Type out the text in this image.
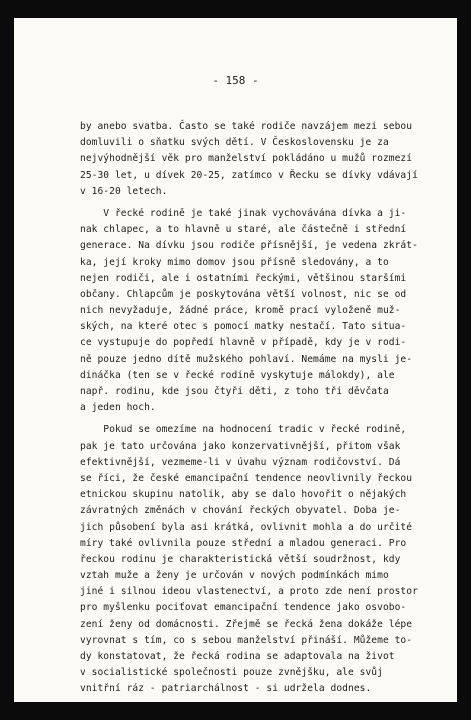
- 158 -
by anebo svatba. Často se také rodiče navzájem mezi sebou
domluvili o sňatku svých dětí. V Československu je za
nejvýhodnější věk pro manželství pokládáno u mužů rozmezí
25-30 let, u dívek 20-25, zatímco v Řecku se dívky vdávají
v 16-20 letech.
V řecké rodině je také jinak vychovávána dívka a ji-
nak chlapec, a to hlavně u staré, ale částečně i střední
generace. Na dívku jsou rodiče přísnější, je vedena zkrát-
ka, její kroky mimo domov jsou přísně sledovány, a to
nejen rodiči, ale i ostatními řeckými, většinou staršími
občany. Chlapcům je poskytována větší volnost, nic se od
nich nevyžaduje, žádné práce, kromě prací vyloženě muž-
ských, na které otec s pomocí matky nestačí. Tato situa-
ce vystupuje do popředí hlavně v případě, kdy je v rodi-
ně pouze jedno dítě mužského pohlaví. Nemáme na mysli je-
dináčka (ten se v řecké rodině vyskytuje málokdy), ale
např. rodinu, kde jsou čtyři děti, z toho tři děvčata
a jeden hoch.
Pokud se omezíme na hodnocení tradic v řecké rodině,
pak je tato určována jako konzervativnější, přitom však
efektivnější, vezmeme-li v úvahu význam rodičovství. Dá
se říci, že české emancipační tendence neovlivnily řeckou
etnickou skupinu natolik, aby se dalo hovořit o nějakých
závratných změnách v chování řeckých obyvatel. Doba je-
jich působení byla asi krátká, ovlivnit mohla a do určité
míry také ovlivnila pouze střední a mladou generaci. Pro
řeckou rodinu je charakteristická větší soudržnost, kdy
vztah muže a ženy je určován v nových podmínkách mimo
jiné i silnou ideou vlastenectví, a proto zde není prostor
pro myšlenku pociťovat emancipační tendence jako osvobo-
zení ženy od domácnosti. Zřejmě se řecká žena dokáže lépe
vyrovnat s tím, co s sebou manželství přináší. Můžeme to-
dy konstatovat, že řecká rodina se adaptovala na život
v socialistické společnosti pouze zvnějšku, ale svůj
vnitřní ráz - patriarchálnost - si udržela dodnes.
